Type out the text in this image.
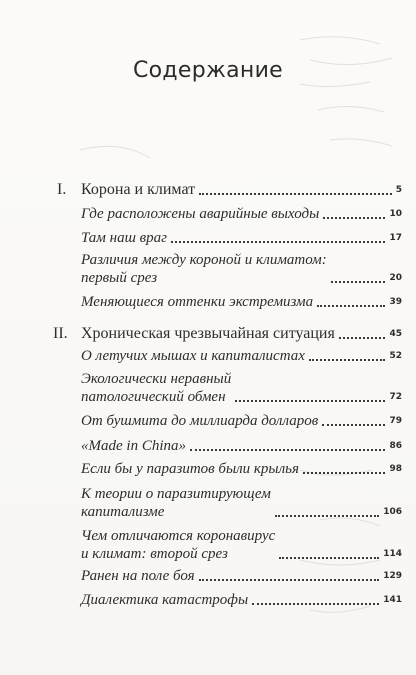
Содержание
I. Корона и климат	5
Где расположены аварийные выходы	10
Там наш враг	17
Различия между короной и климатом:
первый срез	20
Меняющиеся оттенки экстремизма	39
II. Хроническая чрезвычайная ситуация	45
О летучих мышах и капиталистах	52
Экологически неравный
патологический обмен	72
От бушмита до миллиарда долларов	79
«Made in China»	86
Если бы у паразитов были крылья	98
К теории о паразитирующем
капитализме	106
Чем отличаются коронавирус
и климат: второй срез	114
Ранен на поле боя	129
Диалектика катастрофы	141
